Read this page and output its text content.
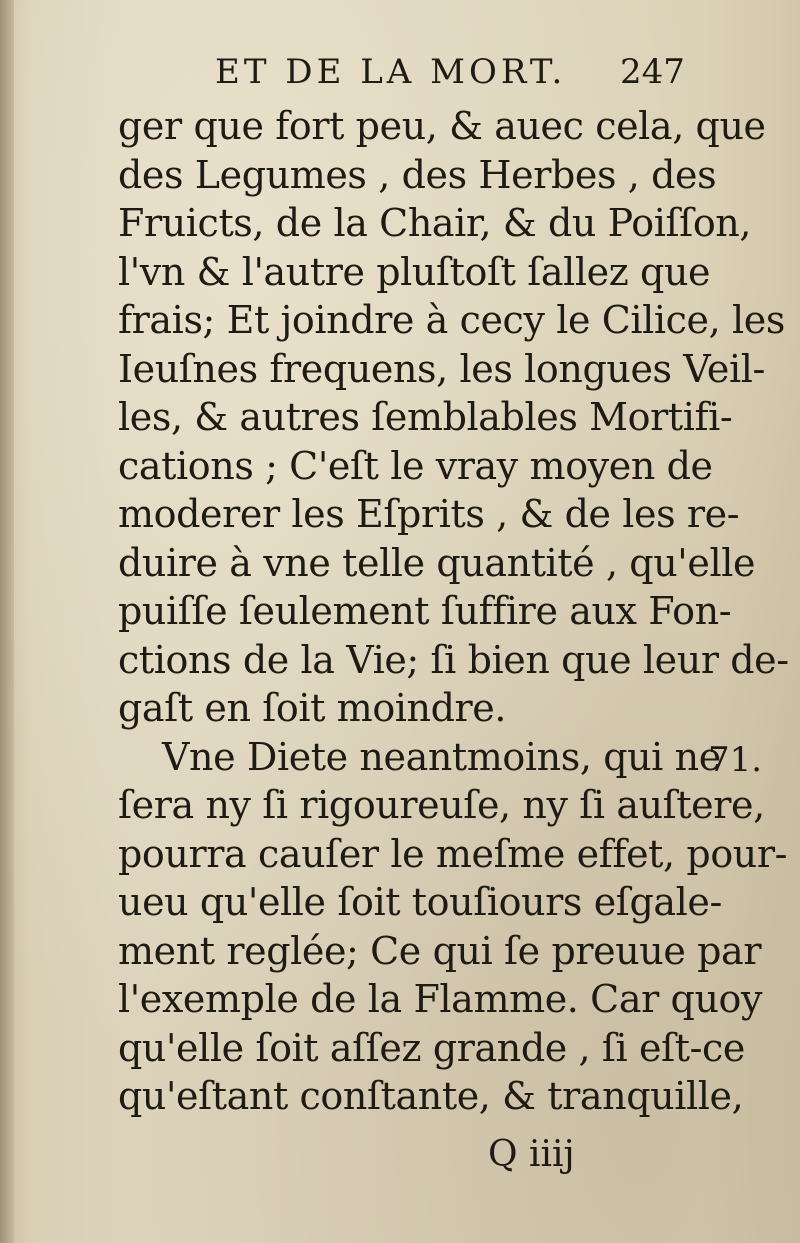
ET DE LA MORT. 247
ger que fort peu, & auec cela, que
des Legumes , des Herbes , des
Fruicts, de la Chair, & du Poiſſon,
l'vn & l'autre pluſtoſt ſallez que
frais; Et joindre à cecy le Cilice, les
Ieuſnes frequens, les longues Veil-
les, & autres ſemblables Mortifi-
cations ; C'eſt le vray moyen de
moderer les Eſprits , & de les re-
duire à vne telle quantité , qu'elle
puiſſe ſeulement ſuffire aux Fon-
ctions de la Vie; ſi bien que leur de-
gaſt en ſoit moindre.
Vne Diete neantmoins, qui ne
ſera ny ſi rigoureuſe, ny ſi auſtere,
pourra cauſer le meſme effet, pour-
ueu qu'elle ſoit touſiours eſgale-
ment reglée; Ce qui ſe preuue par
l'exemple de la Flamme. Car quoy
qu'elle ſoit aſſez grande , ſi eſt-ce
qu'eſtant conſtante, & tranquille,
71.
Q iiij
